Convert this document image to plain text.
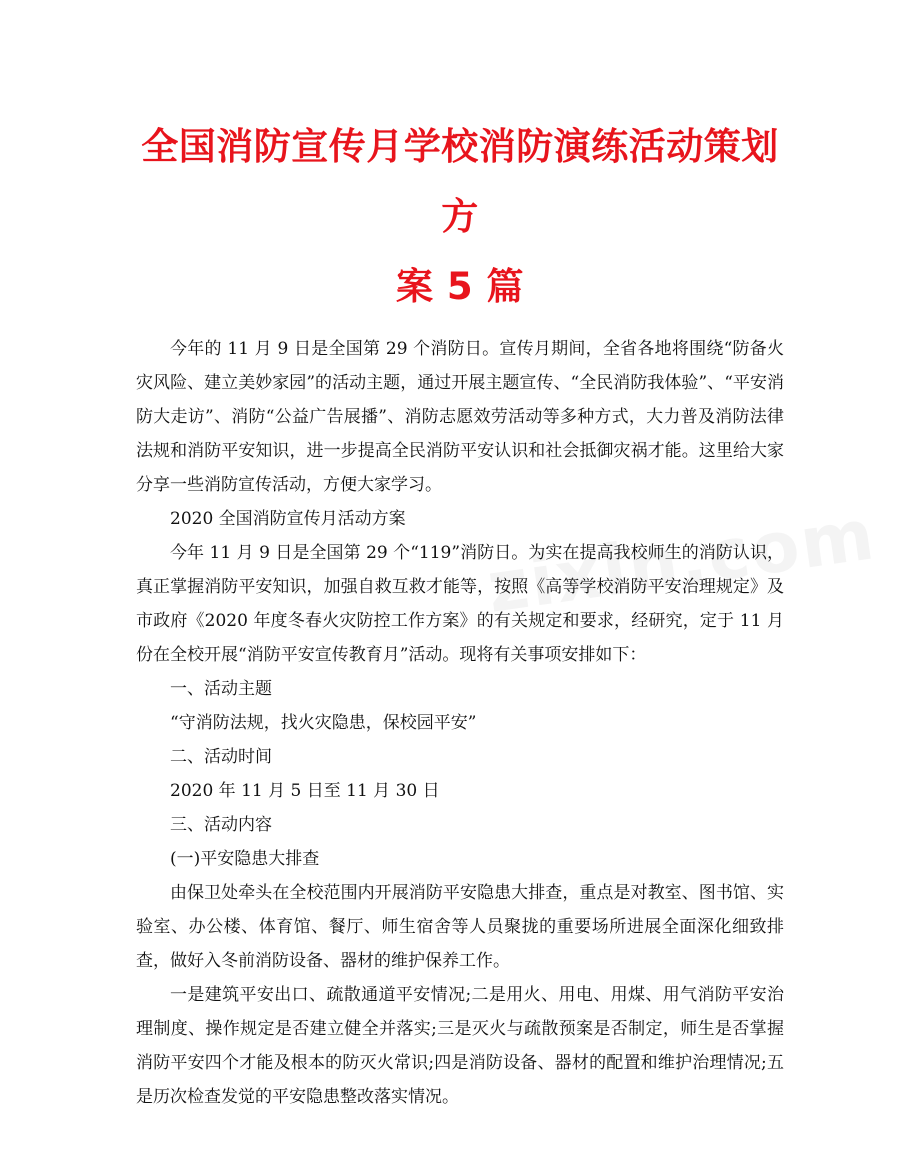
全国消防宣传月学校消防演练活动策划方
案 5 篇

今年的 11 月 9 日是全国第 29 个消防日。宣传月期间，全省各地将围绕“防备火灾风险、建立美妙家园”的活动主题，通过开展主题宣传、“全民消防我体验”、“平安消防大走访”、消防“公益广告展播”、消防志愿效劳活动等多种方式，大力普及消防法律法规和消防平安知识，进一步提高全民消防平安认识和社会抵御灾祸才能。这里给大家分享一些消防宣传活动，方便大家学习。

2020 全国消防宣传月活动方案

今年 11 月 9 日是全国第 29 个“119”消防日。为实在提高我校师生的消防认识，真正掌握消防平安知识，加强自救互救才能等，按照《高等学校消防平安治理规定》及市政府《2020 年度冬春火灾防控工作方案》的有关规定和要求，经研究，定于 11 月份在全校开展“消防平安宣传教育月”活动。现将有关事项安排如下：

一、活动主题

“守消防法规，找火灾隐患，保校园平安”

二、活动时间

2020 年 11 月 5 日至 11 月 30 日

三、活动内容

(一)平安隐患大排查

由保卫处牵头在全校范围内开展消防平安隐患大排查，重点是对教室、图书馆、实验室、办公楼、体育馆、餐厅、师生宿舍等人员聚拢的重要场所进展全面深化细致排查，做好入冬前消防设备、器材的维护保养工作。

一是建筑平安出口、疏散通道平安情况;二是用火、用电、用煤、用气消防平安治理制度、操作规定是否建立健全并落实;三是灭火与疏散预案是否制定，师生是否掌握消防平安四个才能及根本的防灭火常识;四是消防设备、器材的配置和维护治理情况;五是历次检查发觉的平安隐患整改落实情况。
